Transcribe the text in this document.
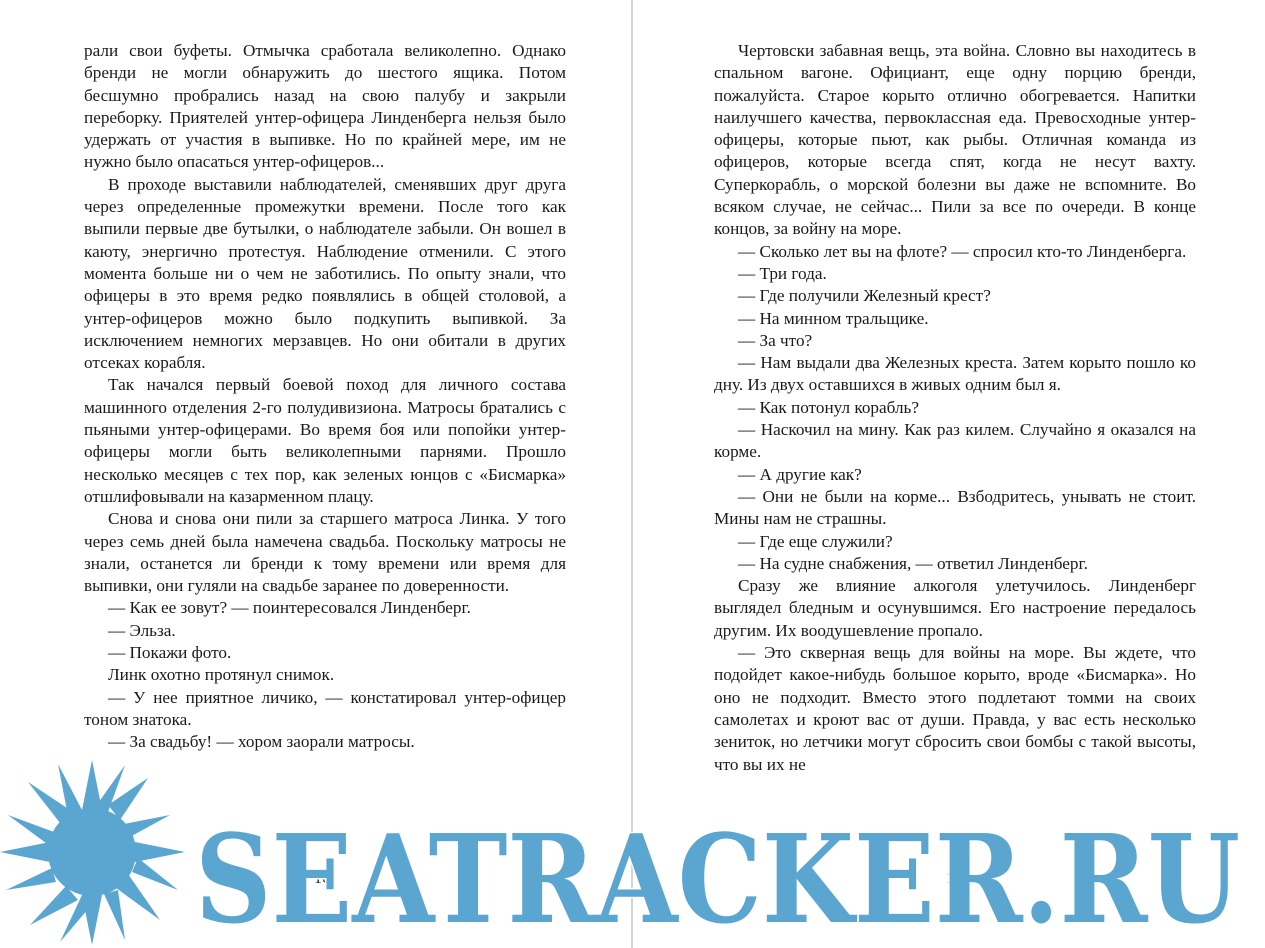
рали свои буфеты. Отмычка сработала великолепно. Однако бренди не могли обнаружить до шестого ящика. Потом бесшумно пробрались назад на свою палубу и закрыли переборку. Приятелей унтер-офицера Линденберга нельзя было удержать от участия в выпивке. Но по крайней мере, им не нужно было опасаться унтер-офицеров...

В проходе выставили наблюдателей, сменявших друг друга через определенные промежутки времени. После того как выпили первые две бутылки, о наблюдателе забыли. Он вошел в каюту, энергично протестуя. Наблюдение отменили. С этого момента больше ни о чем не заботились. По опыту знали, что офицеры в это время редко появлялись в общей столовой, а унтер-офицеров можно было подкупить выпивкой. За исключением немногих мерзавцев. Но они обитали в других отсеках корабля.

Так начался первый боевой поход для личного состава машинного отделения 2-го полудивизиона. Матросы братались с пьяными унтер-офицерами. Во время боя или попойки унтер-офицеры могли быть великолепными парнями. Прошло несколько месяцев с тех пор, как зеленых юнцов с «Бисмарка» отшлифовывали на казарменном плацу.

Снова и снова они пили за старшего матроса Линка. У того через семь дней была намечена свадьба. Поскольку матросы не знали, останется ли бренди к тому времени или время для выпивки, они гуляли на свадьбе заранее по доверенности.

— Как ее зовут? — поинтересовался Линденберг.

— Эльза.

— Покажи фото.

Линк охотно протянул снимок.

— У нее приятное личико, — констатировал унтер-офицер тоном знатока.

— За свадьбу! — хором заорали матросы.

Чертовски забавная вещь, эта война. Словно вы находитесь в спальном вагоне. Официант, еще одну порцию бренди, пожалуйста. Старое корыто отлично обогревается. Напитки наилучшего качества, первоклассная еда. Превосходные унтер-офицеры, которые пьют, как рыбы. Отличная команда из офицеров, которые всегда спят, когда не несут вахту. Суперкорабль, о морской болезни вы даже не вспомните. Во всяком случае, не сейчас... Пили за все по очереди. В конце концов, за войну на море.

— Сколько лет вы на флоте? — спросил кто-то Линденберга.

— Три года.

— Где получили Железный крест?

— На минном тральщике.

— За что?

— Нам выдали два Железных креста. Затем корыто пошло ко дну. Из двух оставшихся в живых одним был я.

— Как потонул корабль?

— Наскочил на мину. Как раз килем. Случайно я оказался на корме.

— А другие как?

— Они не были на корме... Взбодритесь, унывать не стоит. Мины нам не страшны.

— Где еще служили?

— На судне снабжения, — ответил Линденберг.

Сразу же влияние алкоголя улетучилось. Линденберг выглядел бледным и осунувшимся. Его настроение передалось другим. Их воодушевление пропало.

— Это скверная вещь для войны на море. Вы ждете, что подойдет какое-нибудь большое корыто, вроде «Бисмарка». Но оно не подходит. Вместо этого подлетают томми на своих самолетах и кроют вас от души. Правда, у вас есть несколько зениток, но летчики могут сбросить свои бомбы с такой высоты, что вы их не

16	17
SEATRACKER.RU
